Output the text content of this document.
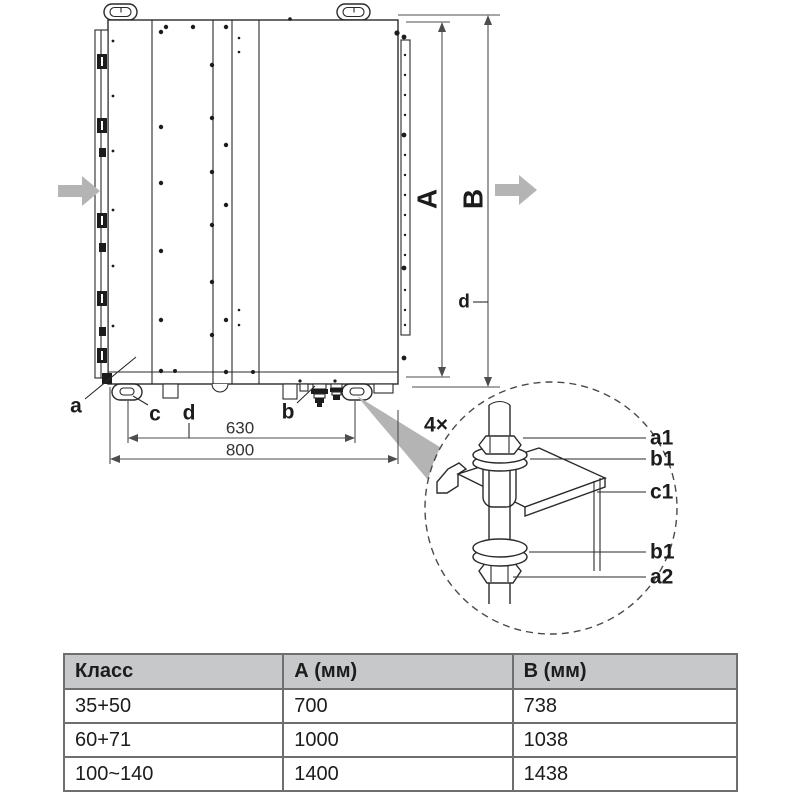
A B
d
630
800
a	c d	b
4×
a1
b1
c1
b1
a2
Класс	А (мм)	B (мм)
35+50	700	738
60+71	1000	1038
100~140	1400	1438
